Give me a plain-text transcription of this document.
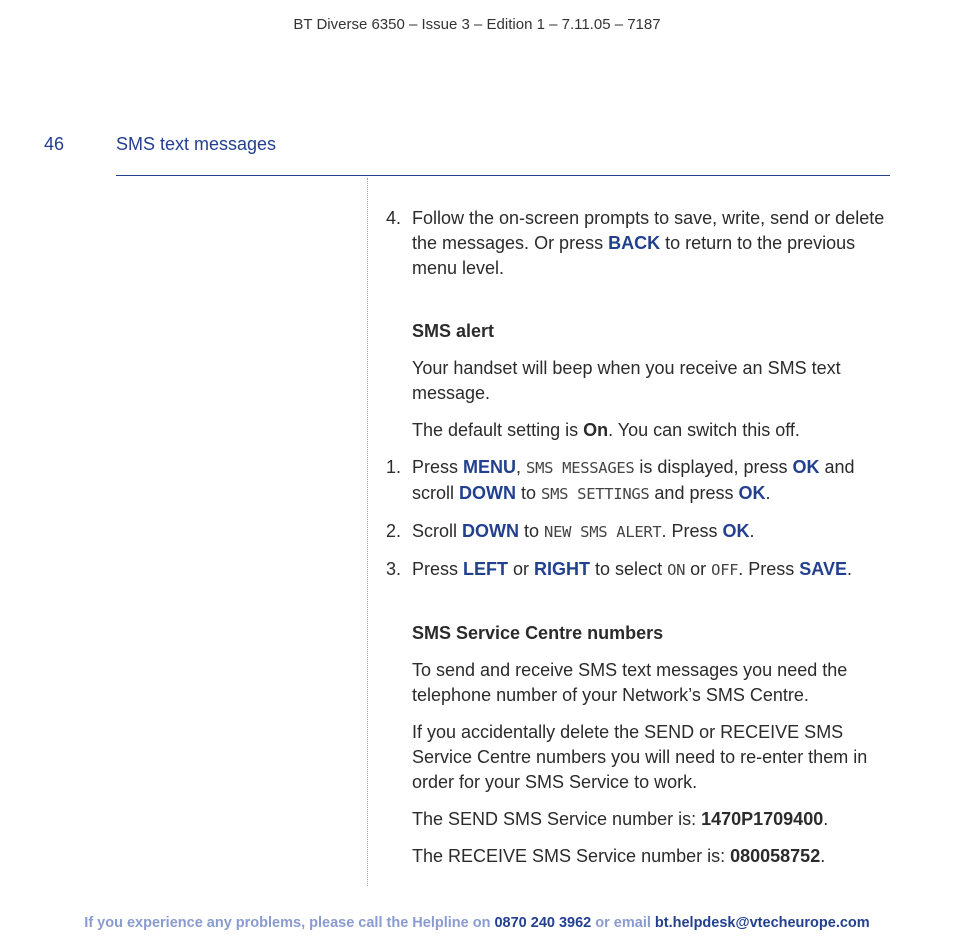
BT Diverse 6350 – Issue 3 – Edition 1 – 7.11.05 – 7187
46	SMS text messages
4. Follow the on-screen prompts to save, write, send or delete the messages. Or press BACK to return to the previous menu level.
SMS alert
Your handset will beep when you receive an SMS text message.
The default setting is On. You can switch this off.
1. Press MENU, SMS MESSAGES is displayed, press OK and scroll DOWN to SMS SETTINGS and press OK.
2. Scroll DOWN to NEW SMS ALERT. Press OK.
3. Press LEFT or RIGHT to select ON or OFF. Press SAVE.
SMS Service Centre numbers
To send and receive SMS text messages you need the telephone number of your Network’s SMS Centre.
If you accidentally delete the SEND or RECEIVE SMS Service Centre numbers you will need to re-enter them in order for your SMS Service to work.
The SEND SMS Service number is: 1470P1709400.
The RECEIVE SMS Service number is: 080058752.
If you experience any problems, please call the Helpline on 0870 240 3962 or email bt.helpdesk@vtecheurope.com
